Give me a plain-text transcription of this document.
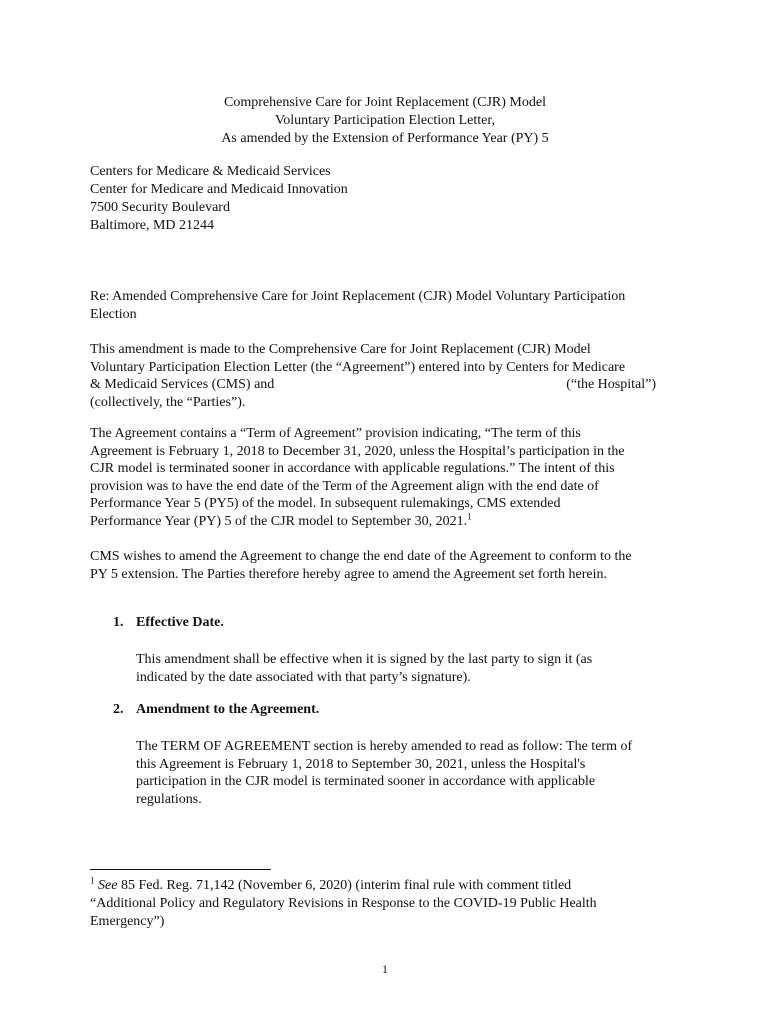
Comprehensive Care for Joint Replacement (CJR) Model
Voluntary Participation Election Letter,
As amended by the Extension of Performance Year (PY) 5
Centers for Medicare & Medicaid Services
Center for Medicare and Medicaid Innovation
7500 Security Boulevard
Baltimore, MD 21244
Re: Amended Comprehensive Care for Joint Replacement (CJR) Model Voluntary Participation
Election
This amendment is made to the Comprehensive Care for Joint Replacement (CJR) Model
Voluntary Participation Election Letter (the “Agreement”) entered into by Centers for Medicare
& Medicaid Services (CMS) and	(“the Hospital”)
(collectively, the “Parties”).
The Agreement contains a “Term of Agreement” provision indicating, “The term of this
Agreement is February 1, 2018 to December 31, 2020, unless the Hospital’s participation in the
CJR model is terminated sooner in accordance with applicable regulations.” The intent of this
provision was to have the end date of the Term of the Agreement align with the end date of
Performance Year 5 (PY5) of the model. In subsequent rulemakings, CMS extended
Performance Year (PY) 5 of the CJR model to September 30, 2021.$^1$
CMS wishes to amend the Agreement to change the end date of the Agreement to conform to the
PY 5 extension. The Parties therefore hereby agree to amend the Agreement set forth herein.
1. Effective Date.
This amendment shall be effective when it is signed by the last party to sign it (as
indicated by the date associated with that party’s signature).
2. Amendment to the Agreement.
The TERM OF AGREEMENT section is hereby amended to read as follow: The term of
this Agreement is February 1, 2018 to September 30, 2021, unless the Hospital's
participation in the CJR model is terminated sooner in accordance with applicable
regulations.
$^1$ See 85 Fed. Reg. 71,142 (November 6, 2020) (interim final rule with comment titled
“Additional Policy and Regulatory Revisions in Response to the COVID-19 Public Health
Emergency”)
1
